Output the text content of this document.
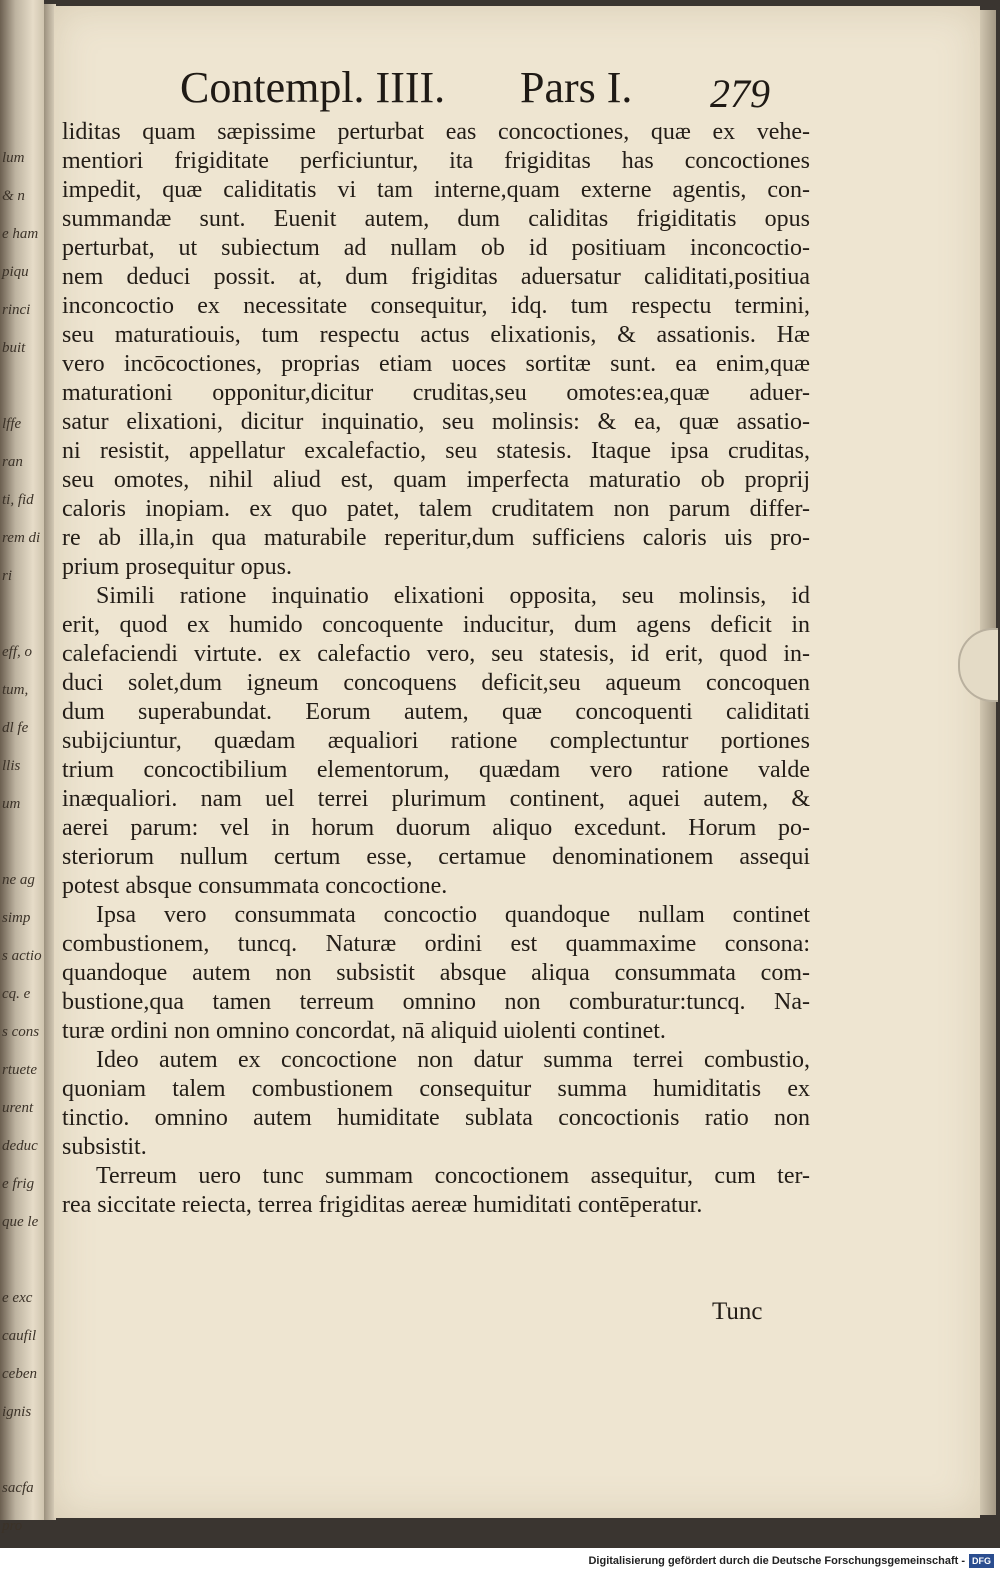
lum
& n
e ham
piqu
rinci
buit
lffe
ran
ti, fid
rem di
ri
eff, o
tum,
dl fe
llis
um
ne ag
simp
s actio
cq. e
s cons
rtuete
urent
deduc
e frig
que le
e exc
caufil
ceben
ignis
sacfa
pro
Contempl. IIII. Pars I. 279
liditas quam sæpissime perturbat eas concoctiones, quæ ex vehe-
mentiori frigiditate perficiuntur, ita frigiditas has concoctiones
impedit, quæ caliditatis vi tam interne,quam externe agentis, con-
summandæ sunt. Euenit autem, dum caliditas frigiditatis opus
perturbat, ut subiectum ad nullam ob id positiuam inconcoctio-
nem deduci possit. at, dum frigiditas aduersatur caliditati,positiua
inconcoctio ex necessitate consequitur, idq. tum respectu termini,
seu maturatiouis, tum respectu actus elixationis, & assationis. Hæ
vero incōcoctiones, proprias etiam uoces sortitæ sunt. ea enim,quæ
maturationi opponitur,dicitur cruditas,seu omotes:ea,quæ aduer-
satur elixationi, dicitur inquinatio, seu molinsis: & ea, quæ assatio-
ni resistit, appellatur excalefactio, seu statesis. Itaque ipsa cruditas,
seu omotes, nihil aliud est, quam imperfecta maturatio ob proprij
caloris inopiam. ex quo patet, talem cruditatem non parum differ-
re ab illa,in qua maturabile reperitur,dum sufficiens caloris uis pro-
prium prosequitur opus.
Simili ratione inquinatio elixationi opposita, seu molinsis, id
erit, quod ex humido concoquente inducitur, dum agens deficit in
calefaciendi virtute. ex calefactio vero, seu statesis, id erit, quod in-
duci solet,dum igneum concoquens deficit,seu aqueum concoquen
dum superabundat. Eorum autem, quæ concoquenti caliditati
subijciuntur, quædam æqualiori ratione complectuntur portiones
trium concoctibilium elementorum, quædam vero ratione valde
inæqualiori. nam uel terrei plurimum continent, aquei autem, &
aerei parum: vel in horum duorum aliquo excedunt. Horum po-
steriorum nullum certum esse, certamue denominationem assequi
potest absque consummata concoctione.
Ipsa vero consummata concoctio quandoque nullam continet
combustionem, tuncq. Naturæ ordini est quammaxime consona:
quandoque autem non subsistit absque aliqua consummata com-
bustione,qua tamen terreum omnino non comburatur:tuncq. Na-
turæ ordini non omnino concordat, nā aliquid uiolenti continet.
Ideo autem ex concoctione non datur summa terrei combustio,
quoniam talem combustionem consequitur summa humiditatis ex
tinctio. omnino autem humiditate sublata concoctionis ratio non
subsistit.
Terreum uero tunc summam concoctionem assequitur, cum ter-
rea siccitate reiecta, terrea frigiditas aereæ humiditati contēperatur.
Tunc
Digitalisierung gefördert durch die Deutsche Forschungsgemeinschaft - DFG
